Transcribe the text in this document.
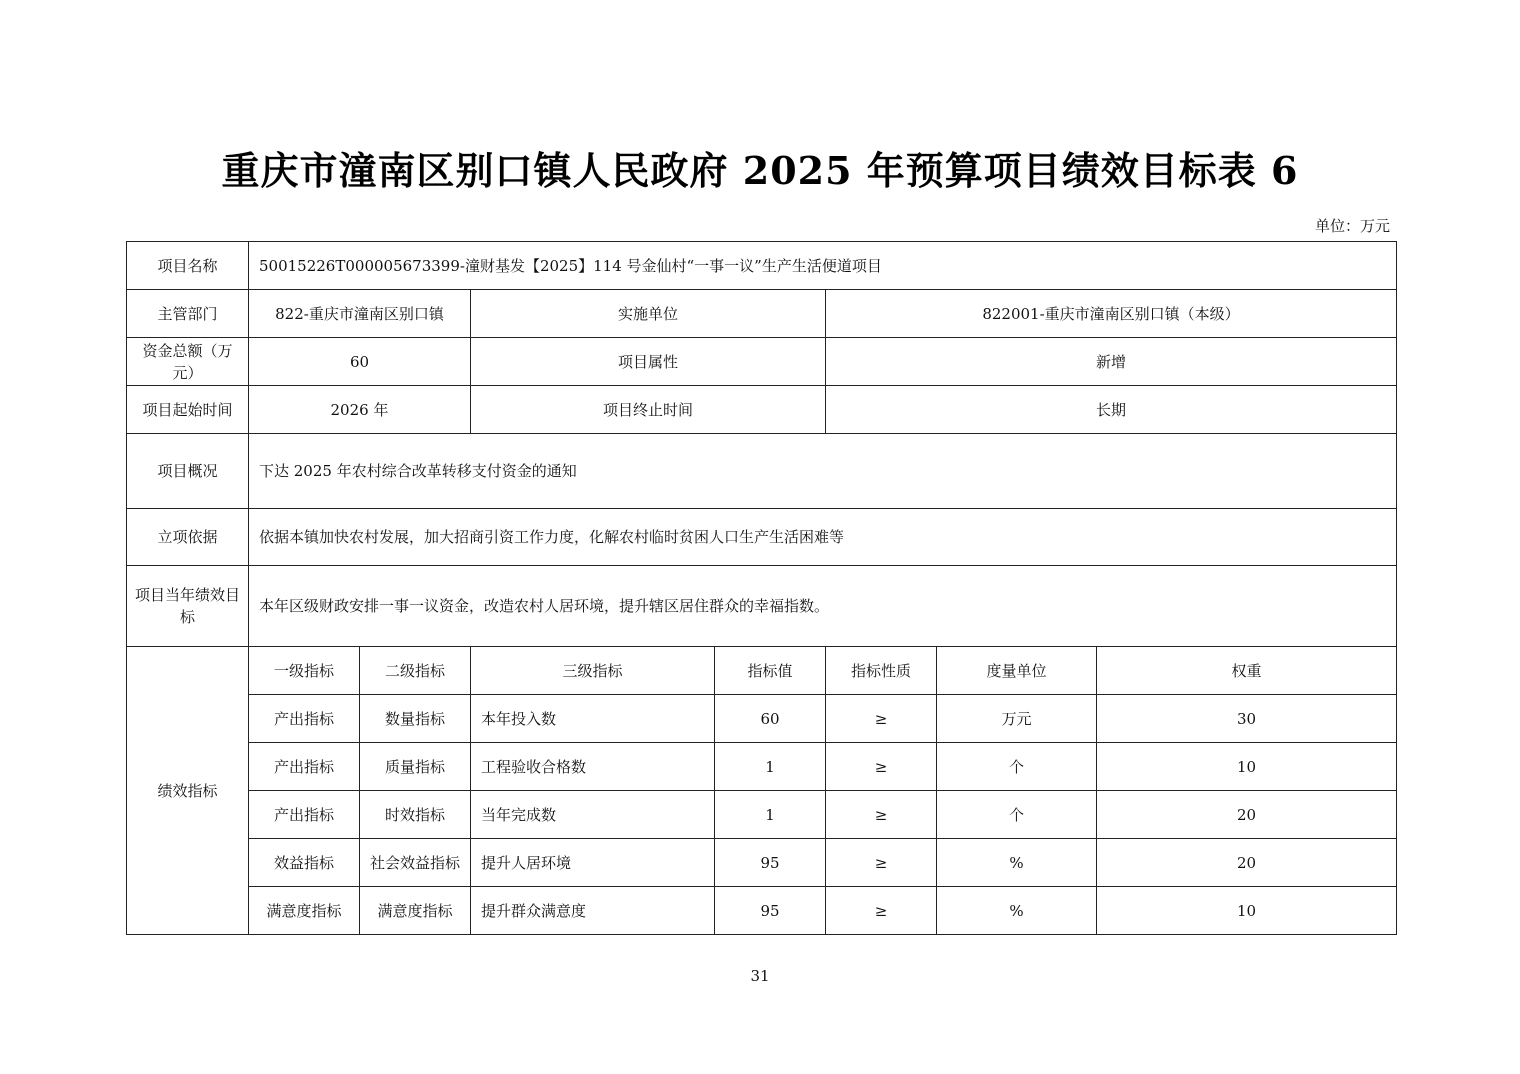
重庆市潼南区别口镇人民政府 2025 年预算项目绩效目标表 6
单位：万元
项目名称	50015226T000005673399-潼财基发【2025】114 号金仙村“一事一议”生产生活便道项目						
主管部门	822-重庆市潼南区别口镇		实施单位		822001-重庆市潼南区别口镇（本级）		
资金总额（万元）	60		项目属性		新增		
项目起始时间	2026 年		项目终止时间		长期		
项目概况	下达 2025 年农村综合改革转移支付资金的通知						
立项依据	依据本镇加快农村发展，加大招商引资工作力度，化解农村临时贫困人口生产生活困难等						
项目当年绩效目标	本年区级财政安排一事一议资金，改造农村人居环境，提升辖区居住群众的幸福指数。						
绩效指标	一级指标	二级指标	三级指标	指标值	指标性质	度量单位	权重
	产出指标	数量指标	本年投入数	60	≥	万元	30
	产出指标	质量指标	工程验收合格数	1	≥	个	10
	产出指标	时效指标	当年完成数	1	≥	个	20
	效益指标	社会效益指标	提升人居环境	95	≥	%	20
	满意度指标	满意度指标	提升群众满意度	95	≥	%	10
31
